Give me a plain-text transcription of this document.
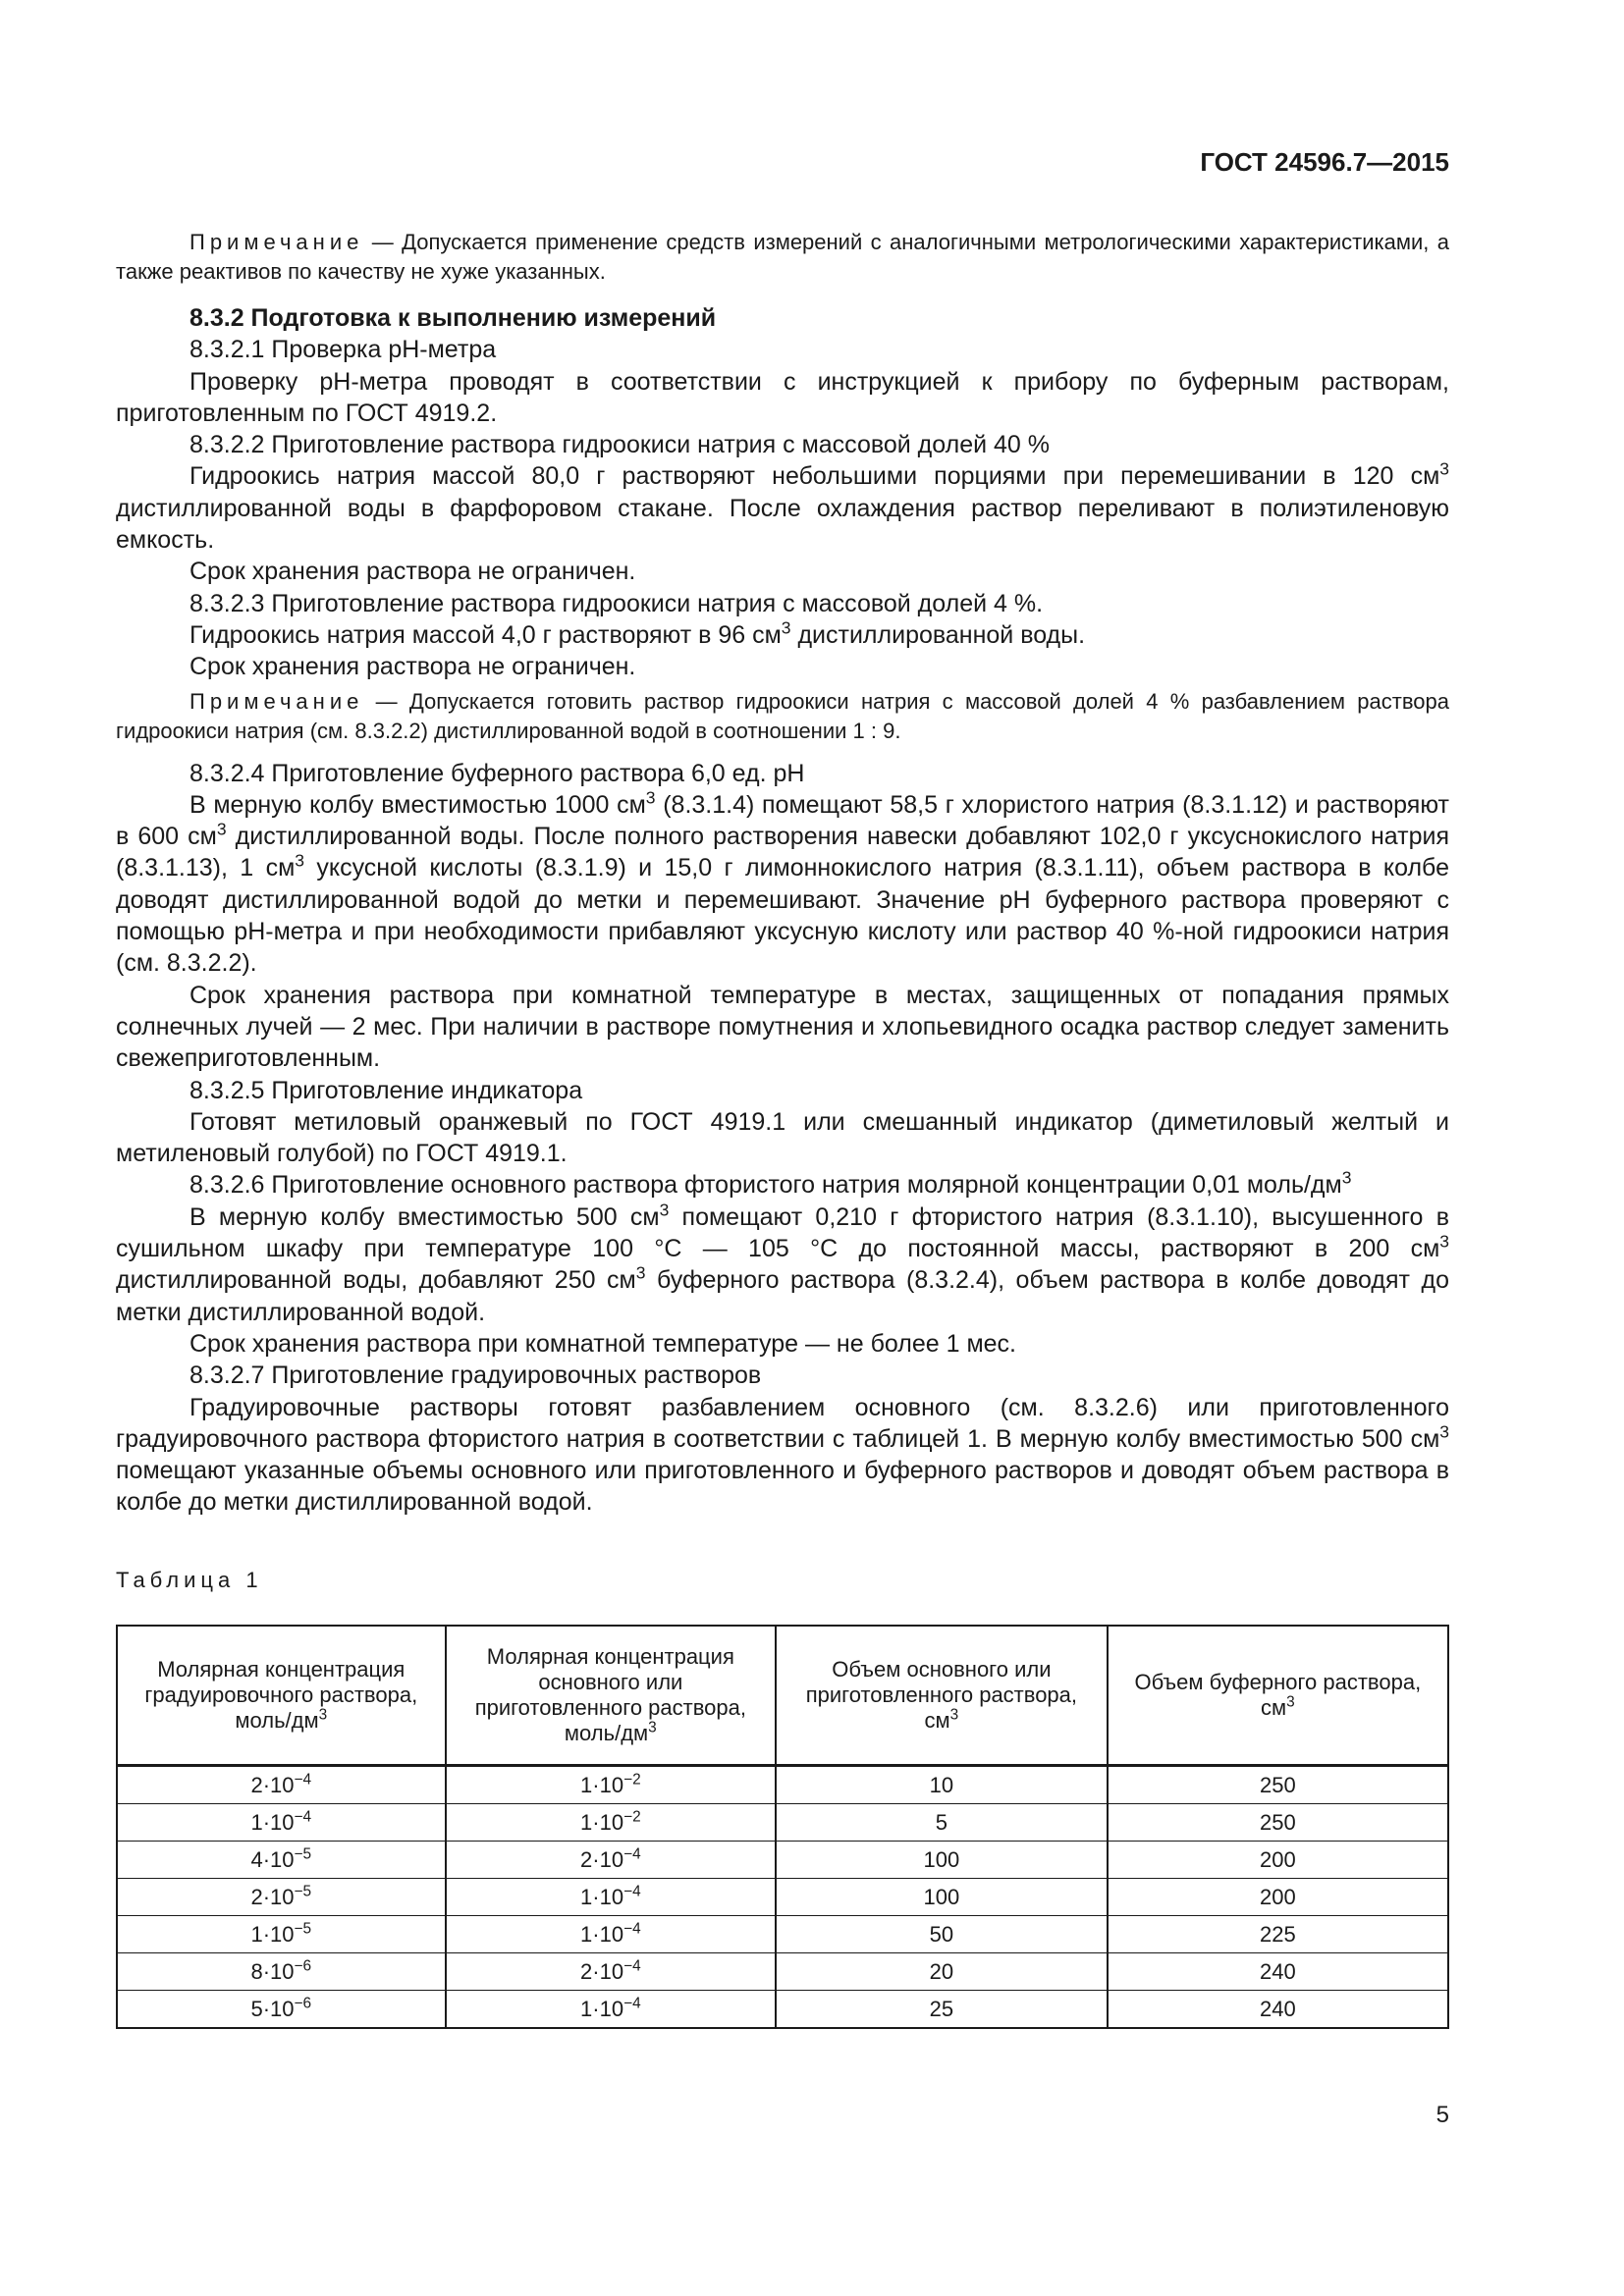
ГОСТ 24596.7—2015

Примечание — Допускается применение средств измерений с аналогичными метрологическими характеристиками, а также реактивов по качеству не хуже указанных.

8.3.2 Подготовка к выполнению измерений

8.3.2.1 Проверка рН-метра

Проверку рН-метра проводят в соответствии с инструкцией к прибору по буферным растворам, приготовленным по ГОСТ 4919.2.

8.3.2.2 Приготовление раствора гидроокиси натрия с массовой долей 40 %

Гидроокись натрия массой 80,0 г растворяют небольшими порциями при перемешивании в 120 $см^3$ дистиллированной воды в фарфоровом стакане. После охлаждения раствор переливают в полиэтиленовую емкость.

Срок хранения раствора не ограничен.

8.3.2.3 Приготовление раствора гидроокиси натрия с массовой долей 4 %.

Гидроокись натрия массой 4,0 г растворяют в 96 $см^3$ дистиллированной воды.

Срок хранения раствора не ограничен.

Примечание — Допускается готовить раствор гидроокиси натрия с массовой долей 4 % разбавлением раствора гидроокиси натрия (см. 8.3.2.2) дистиллированной водой в соотношении 1 : 9.

8.3.2.4 Приготовление буферного раствора 6,0 ед. рН

В мерную колбу вместимостью 1000 $см^3$ (8.3.1.4) помещают 58,5 г хлористого натрия (8.3.1.12) и растворяют в 600 $см^3$ дистиллированной воды. После полного растворения навески добавляют 102,0 г уксуснокислого натрия (8.3.1.13), 1 $см^3$ уксусной кислоты (8.3.1.9) и 15,0 г лимоннокислого натрия (8.3.1.11), объем раствора в колбе доводят дистиллированной водой до метки и перемешивают. Значение рН буферного раствора проверяют с помощью рН-метра и при необходимости прибавляют уксусную кислоту или раствор 40 %-ной гидроокиси натрия (см. 8.3.2.2).

Срок хранения раствора при комнатной температуре в местах, защищенных от попадания прямых солнечных лучей — 2 мес. При наличии в растворе помутнения и хлопьевидного осадка раствор следует заменить свежеприготовленным.

8.3.2.5 Приготовление индикатора

Готовят метиловый оранжевый по ГОСТ 4919.1 или смешанный индикатор (диметиловый желтый и метиленовый голубой) по ГОСТ 4919.1.

8.3.2.6 Приготовление основного раствора фтористого натрия молярной концентрации 0,01 моль/$дм^3$

В мерную колбу вместимостью 500 $см^3$ помещают 0,210 г фтористого натрия (8.3.1.10), высушенного в сушильном шкафу при температуре 100 °С — 105 °С до постоянной массы, растворяют в 200 $см^3$ дистиллированной воды, добавляют 250 $см^3$ буферного раствора (8.3.2.4), объем раствора в колбе доводят до метки дистиллированной водой.

Срок хранения раствора при комнатной температуре — не более 1 мес.

8.3.2.7 Приготовление градуировочных растворов

Градуировочные растворы готовят разбавлением основного (см. 8.3.2.6) или приготовленного градуировочного раствора фтористого натрия в соответствии с таблицей 1. В мерную колбу вместимостью 500 $см^3$ помещают указанные объемы основного или приготовленного и буферного растворов и доводят объем раствора в колбе до метки дистиллированной водой.

Таблица 1
Молярная концентрация градуировочного раствора, моль/$дм^3$	Молярная концентрация основного или приготовленного раствора, моль/$дм^3$	Объем основного или приготовленного раствора, $см^3$	Объем буферного раствора, $см^3$
$2\cdot 10^{-4}$	$1\cdot 10^{-2}$	10	250
$1\cdot 10^{-4}$	$1\cdot 10^{-2}$	5	250
$4\cdot 10^{-5}$	$2\cdot 10^{-4}$	100	200
$2\cdot 10^{-5}$	$1\cdot 10^{-4}$	100	200
$1\cdot 10^{-5}$	$1\cdot 10^{-4}$	50	225
$8\cdot 10^{-6}$	$2\cdot 10^{-4}$	20	240
$5\cdot 10^{-6}$	$1\cdot 10^{-4}$	25	240
5
